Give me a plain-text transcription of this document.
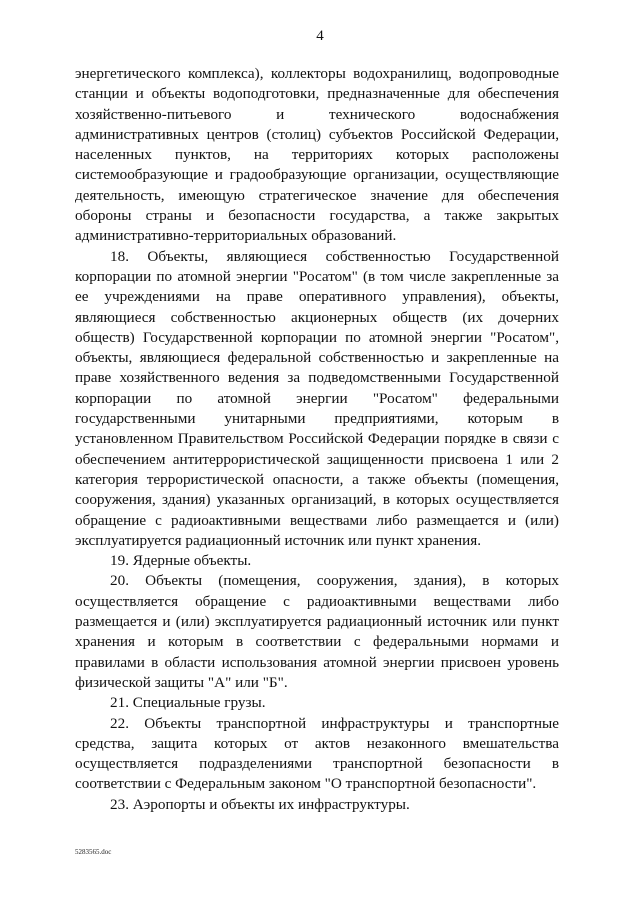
4

энергетического комплекса), коллекторы водохранилищ, водопроводные станции и объекты водоподготовки, предназначенные для обеспечения хозяйственно-питьевого и технического водоснабжения административных центров (столиц) субъектов Российской Федерации, населенных пунктов, на территориях которых расположены системообразующие и градообразующие организации, осуществляющие деятельность, имеющую стратегическое значение для обеспечения обороны страны и безопасности государства, а также закрытых административно-территориальных образований.

18. Объекты, являющиеся собственностью Государственной корпорации по атомной энергии "Росатом" (в том числе закрепленные за ее учреждениями на праве оперативного управления), объекты, являющиеся собственностью акционерных обществ (их дочерних обществ) Государственной корпорации по атомной энергии "Росатом", объекты, являющиеся федеральной собственностью и закрепленные на праве хозяйственного ведения за подведомственными Государственной корпорации по атомной энергии "Росатом" федеральными государственными унитарными предприятиями, которым в установленном Правительством Российской Федерации порядке в связи с обеспечением антитеррористической защищенности присвоена 1 или 2 категория террористической опасности, а также объекты (помещения, сооружения, здания) указанных организаций, в которых осуществляется обращение с радиоактивными веществами либо размещается и (или) эксплуатируется радиационный источник или пункт хранения.

19. Ядерные объекты.

20. Объекты (помещения, сооружения, здания), в которых осуществляется обращение с радиоактивными веществами либо размещается и (или) эксплуатируется радиационный источник или пункт хранения и которым в соответствии с федеральными нормами и правилами в области использования атомной энергии присвоен уровень физической защиты "А" или "Б".

21. Специальные грузы.

22. Объекты транспортной инфраструктуры и транспортные средства, защита которых от актов незаконного вмешательства осуществляется подразделениями транспортной безопасности в соответствии с Федеральным законом "О транспортной безопасности".

23. Аэропорты и объекты их инфраструктуры.

5283565.doc
